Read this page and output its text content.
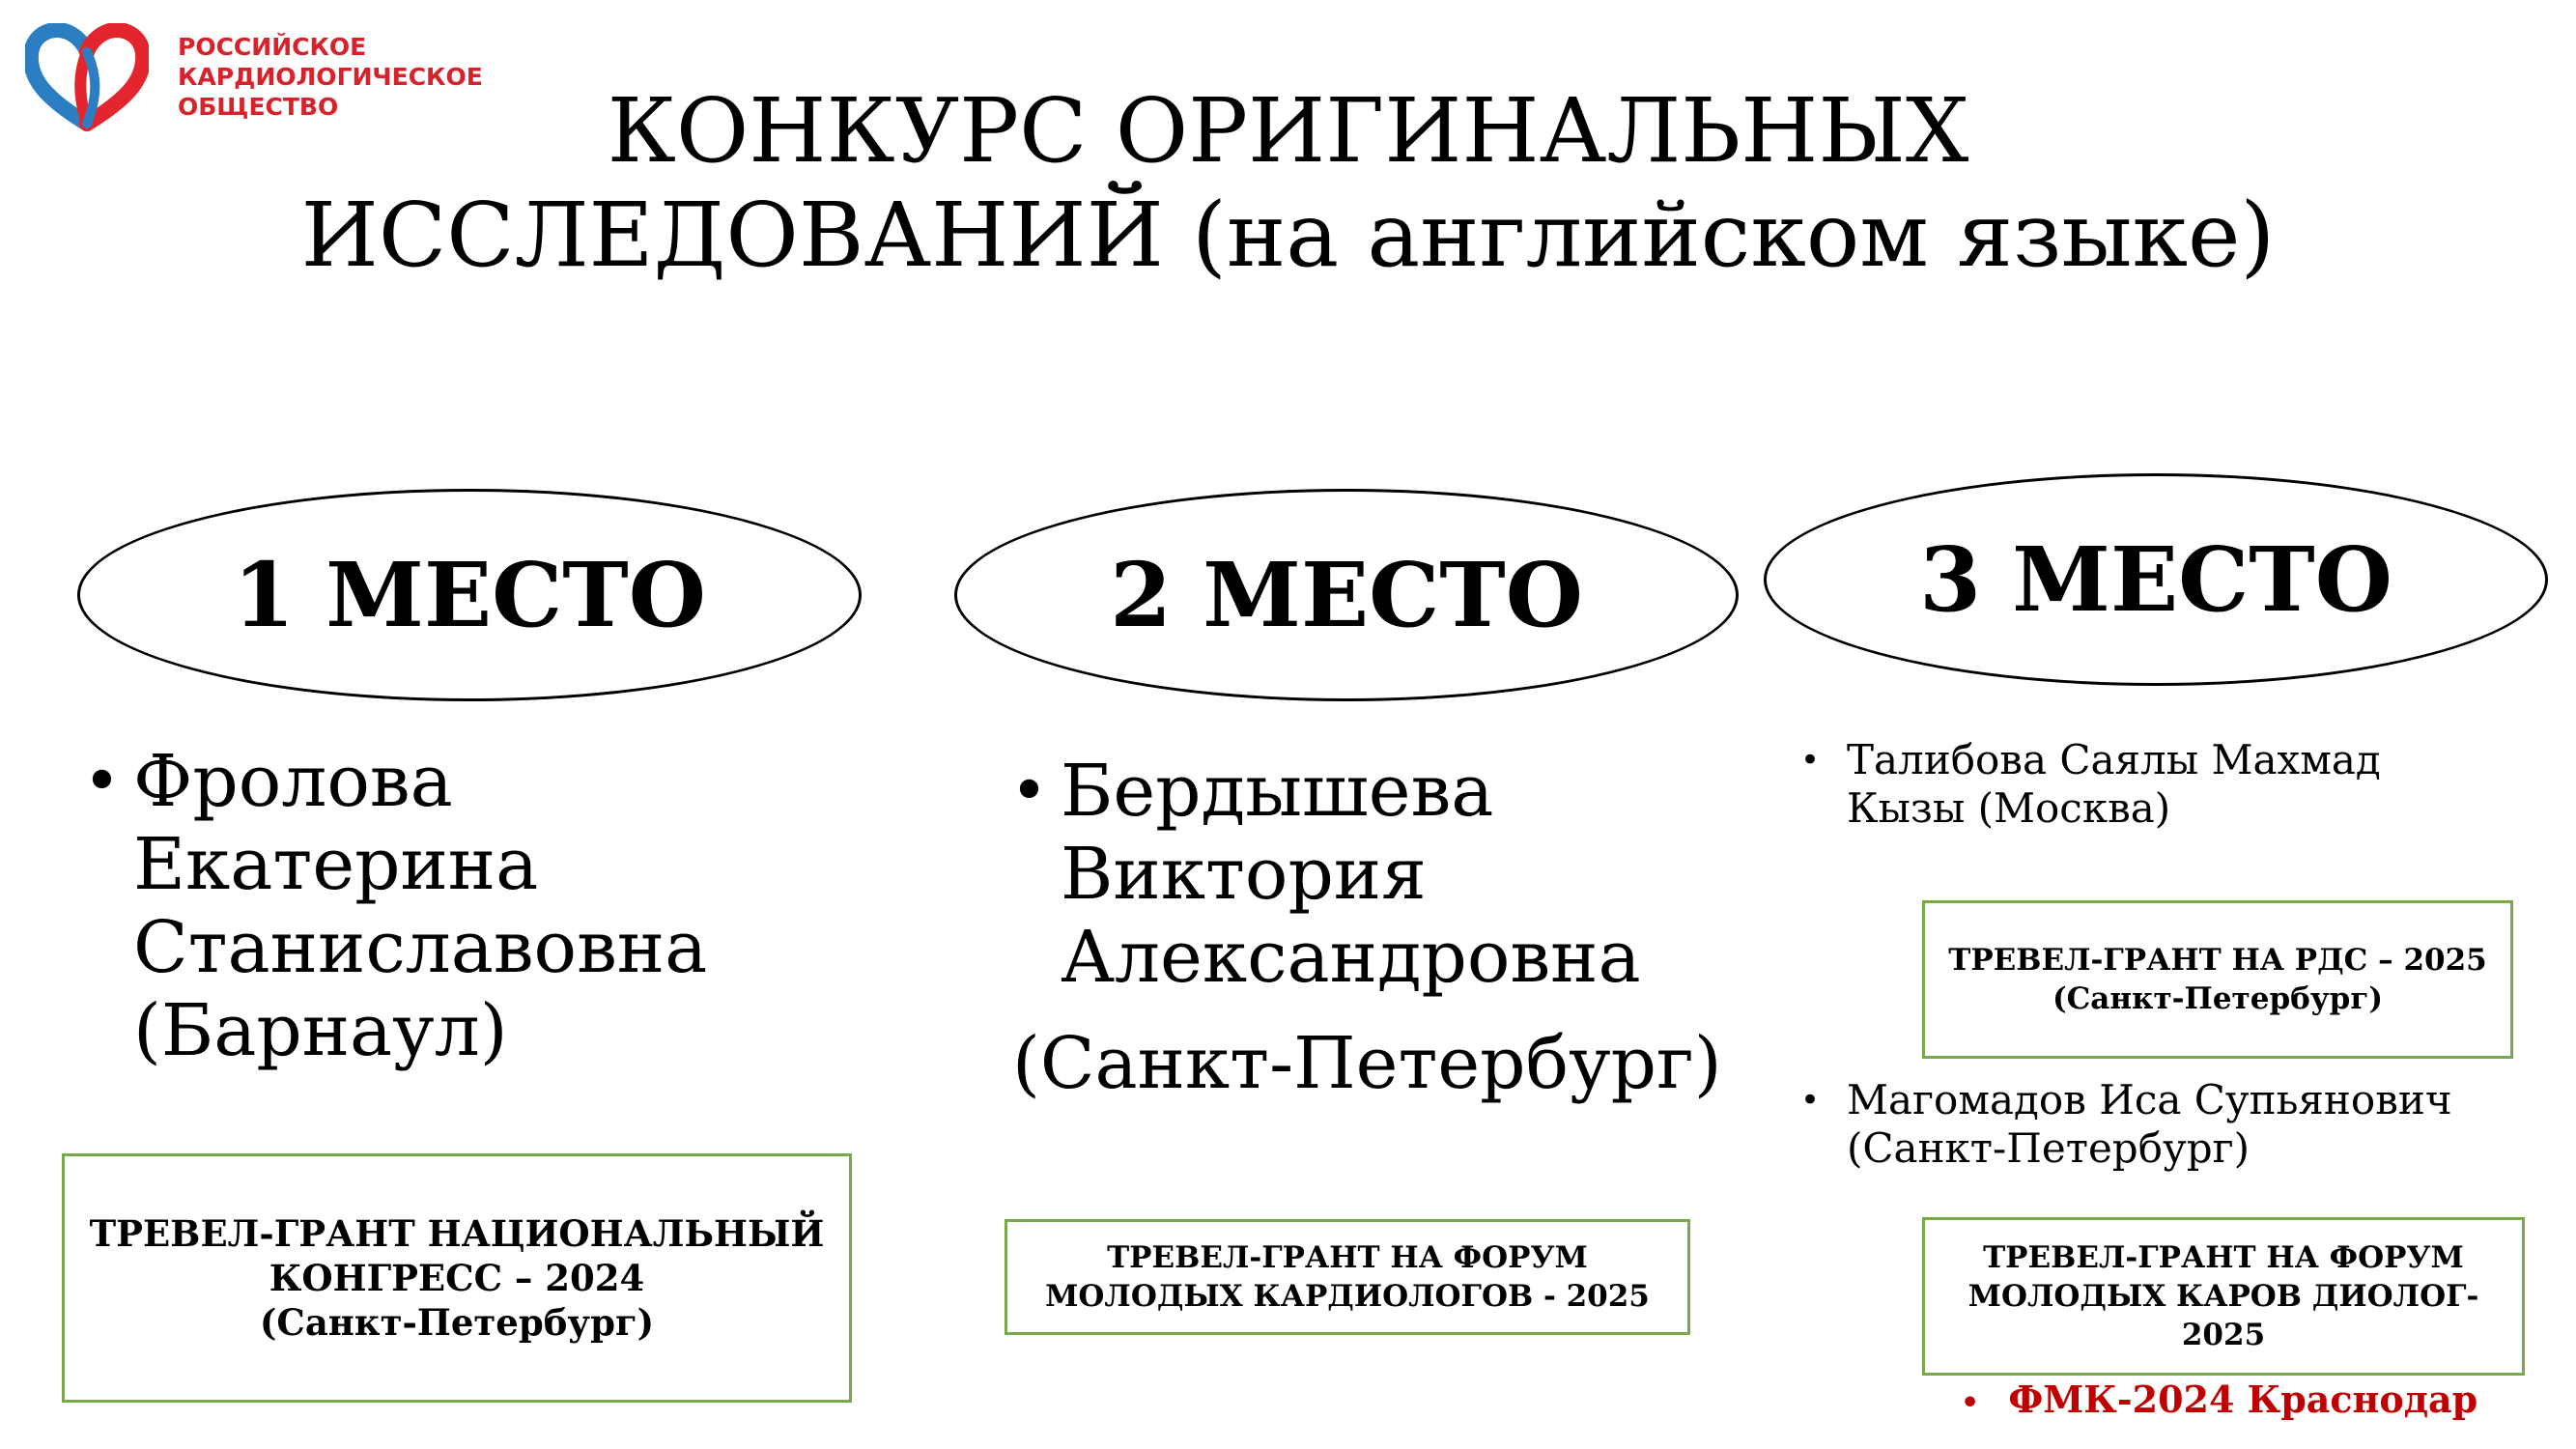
РОССИЙСКОЕ
КАРДИОЛОГИЧЕСКОЕ
ОБЩЕСТВО	КОНКУРС ОРИГИНАЛЬНЫХ
ИССЛЕДОВАНИЙ (на английском языке)
1 МЕСТО	2 МЕСТО	3 МЕСТО
• Фролова
Екатерина
Станиславовна
(Барнаул)
ТРЕВЕЛ-ГРАНТ НАЦИОНАЛЬНЫЙ
КОНГРЕСС – 2024
(Санкт-Петербург)
• Бердышева
Виктория
Александровна
(Санкт-Петербург)
ТРЕВЕЛ-ГРАНТ НА ФОРУМ
МОЛОДЫХ КАРДИОЛОГОВ - 2025
• Талибова Саялы Махмад
Кызы (Москва)
ТРЕВЕЛ-ГРАНТ НА РДС – 2025
(Санкт-Петербург)
• Магомадов Иса Супьянович
(Санкт-Петербург)
ТРЕВЕЛ-ГРАНТ НА ФОРУМ
МОЛОДЫХ КАРОВ ДИОЛОГ-
2025
• ФМК-2024 Краснодар
